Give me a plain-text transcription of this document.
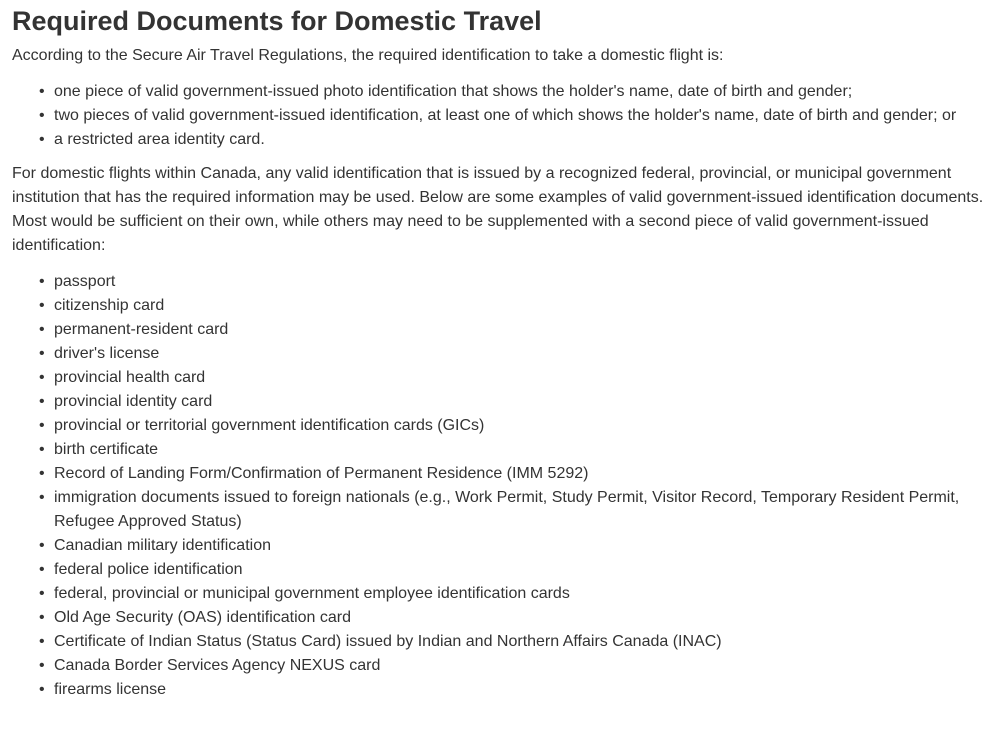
Required Documents for Domestic Travel

According to the Secure Air Travel Regulations, the required identification to take a domestic flight is:

• one piece of valid government-issued photo identification that shows the holder's name, date of birth and gender;
• two pieces of valid government-issued identification, at least one of which shows the holder's name, date of birth and gender; or
• a restricted area identity card.

For domestic flights within Canada, any valid identification that is issued by a recognized federal, provincial, or municipal government institution that has the required information may be used. Below are some examples of valid government-issued identification documents. Most would be sufficient on their own, while others may need to be supplemented with a second piece of valid government-issued identification:

• passport
• citizenship card
• permanent-resident card
• driver's license
• provincial health card
• provincial identity card
• provincial or territorial government identification cards (GICs)
• birth certificate
• Record of Landing Form/Confirmation of Permanent Residence (IMM 5292)
• immigration documents issued to foreign nationals (e.g., Work Permit, Study Permit, Visitor Record, Temporary Resident Permit, Refugee Approved Status)
• Canadian military identification
• federal police identification
• federal, provincial or municipal government employee identification cards
• Old Age Security (OAS) identification card
• Certificate of Indian Status (Status Card) issued by Indian and Northern Affairs Canada (INAC)
• Canada Border Services Agency NEXUS card
• firearms license
